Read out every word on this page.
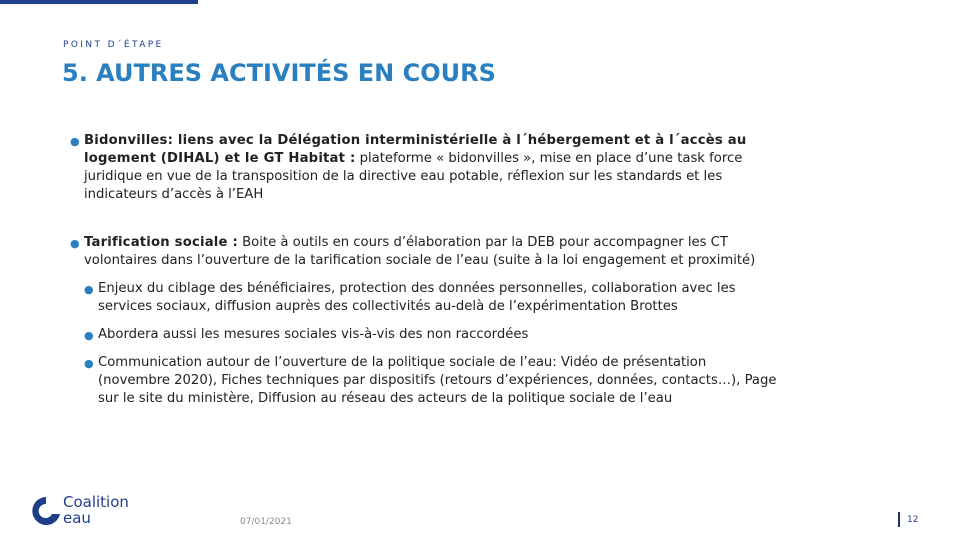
POINT D´ÉTAPE
5. AUTRES ACTIVITÉS EN COURS
● Bidonvilles: liens avec la Délégation interministérielle à l´hébergement et à l´accès au logement (DIHAL) et le GT Habitat : plateforme « bidonvilles », mise en place d’une task force juridique en vue de la transposition de la directive eau potable, réflexion sur les standards et les indicateurs d’accès à l’EAH
● Tarification sociale : Boite à outils en cours d’élaboration par la DEB pour accompagner les CT volontaires dans l’ouverture de la tarification sociale de l’eau (suite à la loi engagement et proximité)
● Enjeux du ciblage des bénéficiaires, protection des données personnelles, collaboration avec les services sociaux, diffusion auprès des collectivités au-delà de l’expérimentation Brottes
● Abordera aussi les mesures sociales vis-à-vis des non raccordées
● Communication autour de l’ouverture de la politique sociale de l’eau: Vidéo de présentation (novembre 2020), Fiches techniques par dispositifs (retours d’expériences, données, contacts…), Page sur le site du ministère, Diffusion au réseau des acteurs de la politique sociale de l’eau
Coalition
eau	07/01/2021	12
